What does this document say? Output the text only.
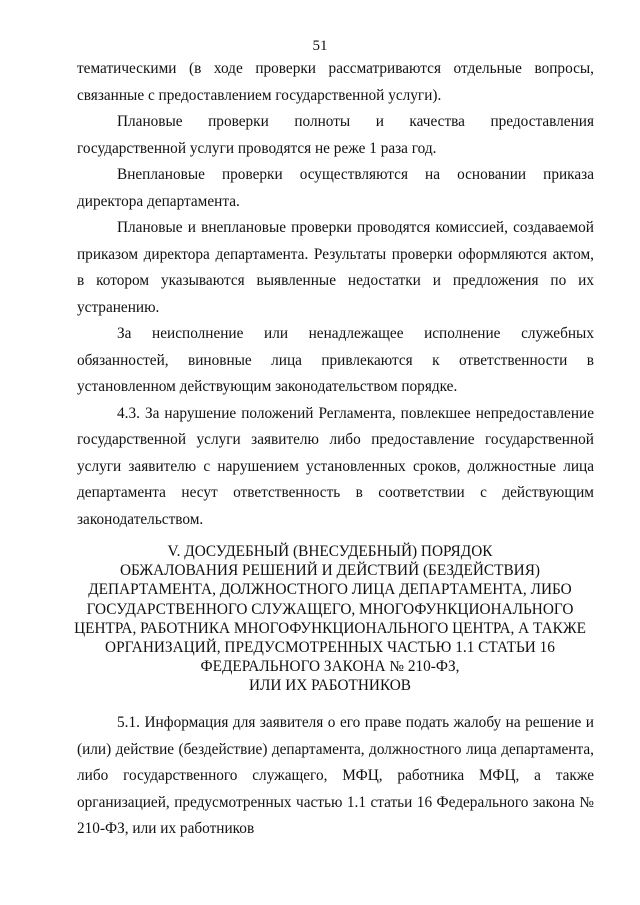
51

тематическими (в ходе проверки рассматриваются отдельные вопросы, связанные с предоставлением государственной услуги).

Плановые проверки полноты и качества предоставления государственной услуги проводятся не реже 1 раза год.

Внеплановые проверки осуществляются на основании приказа директора департамента.

Плановые и внеплановые проверки проводятся комиссией, создаваемой приказом директора департамента. Результаты проверки оформляются актом, в котором указываются выявленные недостатки и предложения по их устранению.

За неисполнение или ненадлежащее исполнение служебных обязанностей, виновные лица привлекаются к ответственности в установленном действующим законодательством порядке.

4.3. За нарушение положений Регламента, повлекшее непредоставление государственной услуги заявителю либо предоставление государственной услуги заявителю с нарушением установленных сроков, должностные лица департамента несут ответственность в соответствии с действующим законодательством.

V. ДОСУДЕБНЫЙ (ВНЕСУДЕБНЫЙ) ПОРЯДОК
ОБЖАЛОВАНИЯ РЕШЕНИЙ И ДЕЙСТВИЙ (БЕЗДЕЙСТВИЯ)
ДЕПАРТАМЕНТА, ДОЛЖНОСТНОГО ЛИЦА ДЕПАРТАМЕНТА, ЛИБО
ГОСУДАРСТВЕННОГО СЛУЖАЩЕГО, МНОГОФУНКЦИОНАЛЬНОГО
ЦЕНТРА, РАБОТНИКА МНОГОФУНКЦИОНАЛЬНОГО ЦЕНТРА, А ТАКЖЕ
ОРГАНИЗАЦИЙ, ПРЕДУСМОТРЕННЫХ ЧАСТЬЮ 1.1 СТАТЬИ 16
ФЕДЕРАЛЬНОГО ЗАКОНА № 210-ФЗ,
ИЛИ ИХ РАБОТНИКОВ

5.1. Информация для заявителя о его праве подать жалобу на решение и (или) действие (бездействие) департамента, должностного лица департамента, либо государственного служащего, МФЦ, работника МФЦ, а также организацией, предусмотренных частью 1.1 статьи 16 Федерального закона № 210-ФЗ, или их работников
